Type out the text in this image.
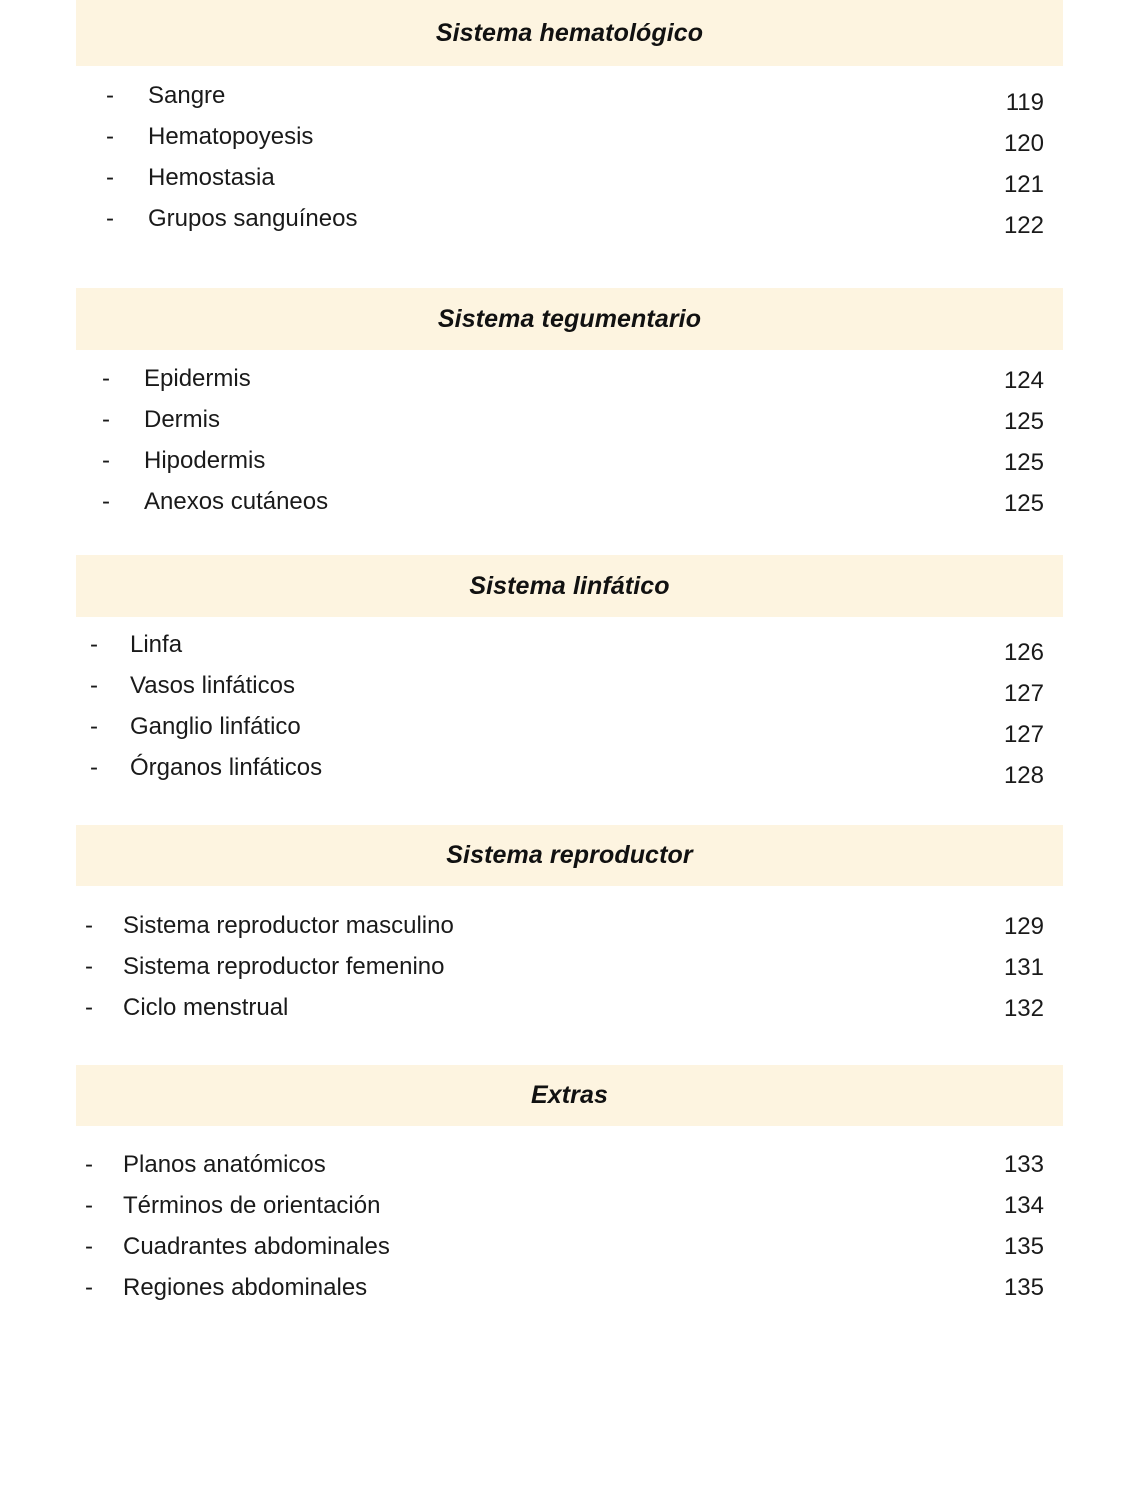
Sistema hematológico
-	Sangre	119
-	Hematopoyesis	120
-	Hemostasia	121
-	Grupos sanguíneos	122
Sistema tegumentario
-	Epidermis	124
-	Dermis	125
-	Hipodermis	125
-	Anexos cutáneos	125
Sistema linfático
-	Linfa	126
-	Vasos linfáticos	127
-	Ganglio linfático	127
-	Órganos linfáticos	128
Sistema reproductor
-	Sistema reproductor masculino	129
-	Sistema reproductor femenino	131
-	Ciclo menstrual	132
Extras
-	Planos anatómicos	133
-	Términos de orientación	134
-	Cuadrantes abdominales	135
-	Regiones abdominales	135
